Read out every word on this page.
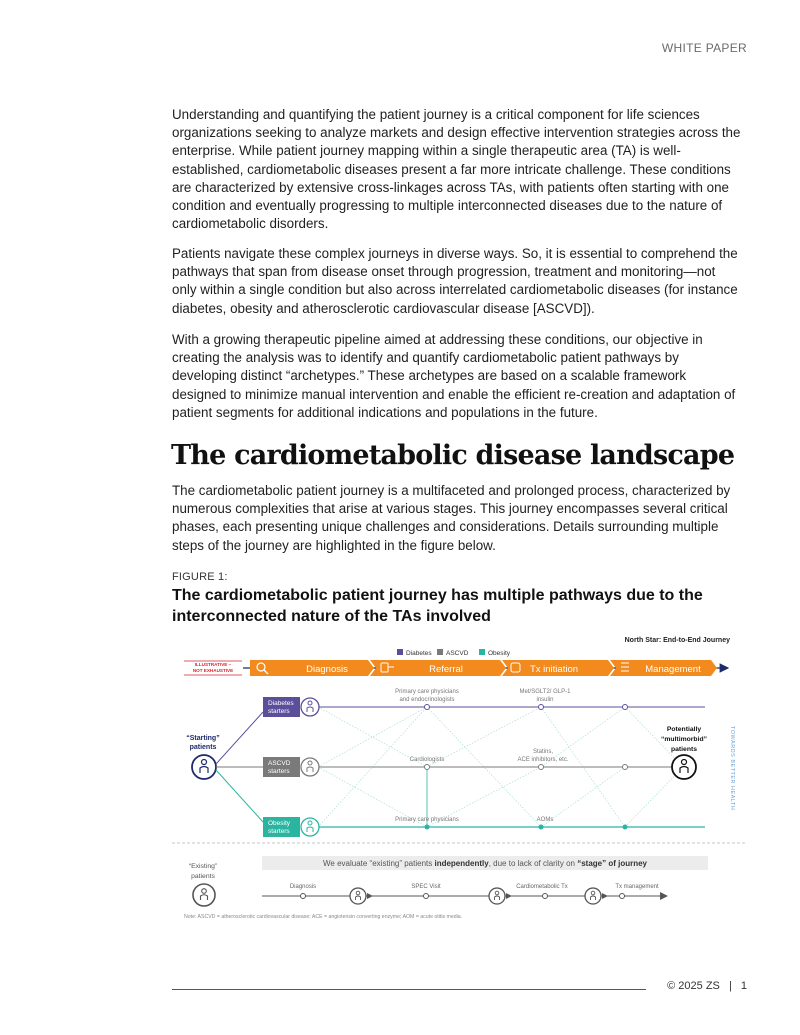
WHITE PAPER

Understanding and quantifying the patient journey is a critical component for life sciences organizations seeking to analyze markets and design effective intervention strategies across the enterprise. While patient journey mapping within a single therapeutic area (TA) is well-established, cardiometabolic diseases present a far more intricate challenge. These conditions are characterized by extensive cross-linkages across TAs, with patients often starting with one condition and eventually progressing to multiple interconnected diseases due to the nature of cardiometabolic disorders.

Patients navigate these complex journeys in diverse ways. So, it is essential to comprehend the pathways that span from disease onset through progression, treatment and monitoring—not only within a single condition but also across interrelated cardiometabolic diseases (for instance diabetes, obesity and atherosclerotic cardiovascular disease [ASCVD]).

With a growing therapeutic pipeline aimed at addressing these conditions, our objective in creating the analysis was to identify and quantify cardiometabolic patient pathways by developing distinct “archetypes.” These archetypes are based on a scalable framework designed to minimize manual intervention and enable the efficient re-creation and adaptation of patient segments for additional indications and populations in the future.

The cardiometabolic disease landscape

The cardiometabolic patient journey is a multifaceted and prolonged process, characterized by numerous complexities that arise at various stages. This journey encompasses several critical phases, each presenting unique challenges and considerations. Details surrounding multiple steps of the journey are highlighted in the figure below.

FIGURE 1:
The cardiometabolic patient journey has multiple pathways due to the interconnected nature of the TAs involved
North Star: End-to-End Journey
Diabetes ASCVD	Obesity
ILLUSTRATIVE –
NOT EXHAUSTIVE	Diagnosis	Referral	Tx initiation	Management
“Starting”
patients
Diabetes
starters
ASCVD
starters
Obesity
starters
Primary care physicians
and endocrinologists
Met/SGLT2/ GLP-1
insulin
Cardiologists
Statins,
ACE inhibitors, etc.
Primary care physicians	AOMs
Potentially
“multimorbid”
patients	TOWARDS BETTER HEALTH
“Existing”
patients
We evaluate “existing” patients independently, due to lack of clarity on “stage” of journey
Diagnosis	SPEC Visit	Cardiometabolic Tx	Tx management
Note: ASCVD = atherosclerotic cardiovascular disease; ACE = angiotensin converting enzyme; AOM = acute otitis media.
© 2025 ZS | 1
